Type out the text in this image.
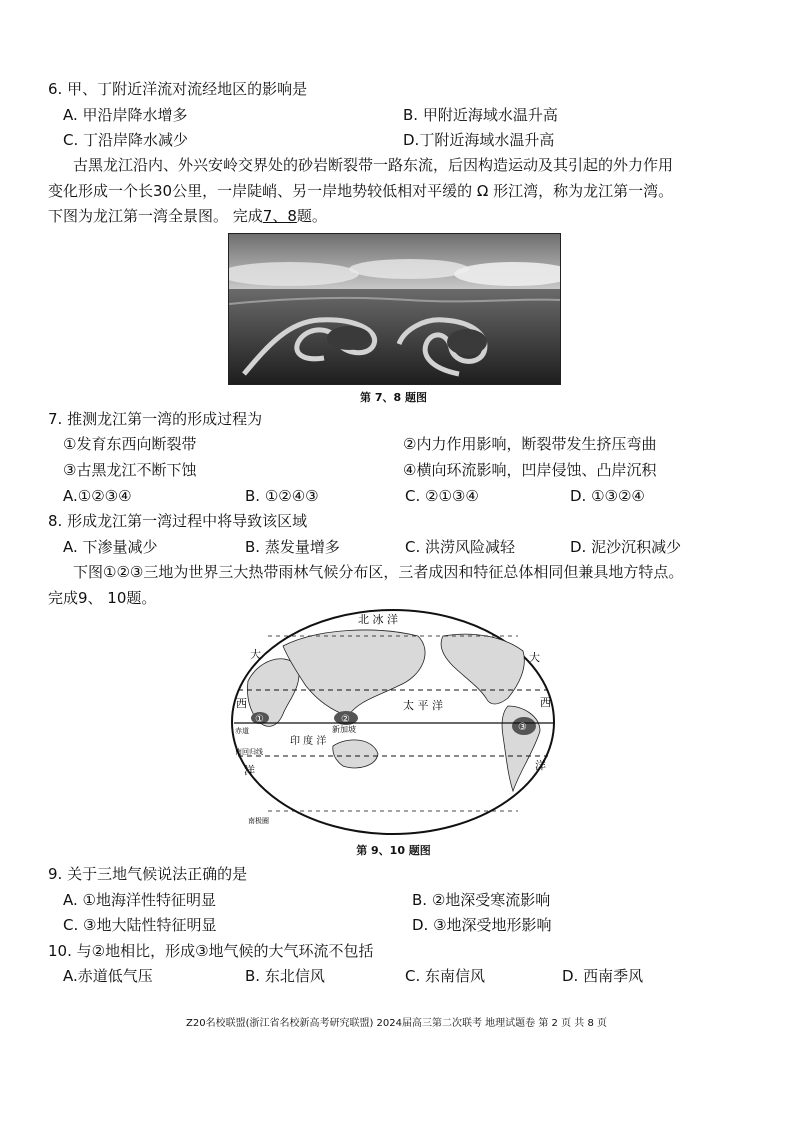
6. 甲、丁附近洋流对流经地区的影响是
A. 甲沿岸降水增多	B. 甲附近海域水温升高
C. 丁沿岸降水减少	D.丁附近海域水温升高
古黑龙江沿内、外兴安岭交界处的砂岩断裂带一路东流，后因构造运动及其引起的外力作用
变化形成一个长30公里，一岸陡峭、另一岸地势较低相对平缓的 Ω 形江湾，称为龙江第一湾。
下图为龙江第一湾全景图。 完成7、8题。
第 7、8 题图
7. 推测龙江第一湾的形成过程为
①发育东西向断裂带	②内力作用影响，断裂带发生挤压弯曲
③古黑龙江不断下蚀	④横向环流影响，凹岸侵蚀、凸岸沉积
A.①②③④	B. ①②④③	C. ②①③④	D. ①③②④
8. 形成龙江第一湾过程中将导致该区域
A. 下渗量减少	B. 蒸发量增多	C. 洪涝风险减轻	D. 泥沙沉积减少
下图①②③三地为世界三大热带雨林气候分布区，三者成因和特征总体相同但兼具地方特点。
完成9、 10题。
北 冰 洋
太 平 洋
印 度 洋
大
西
洋
大
西
洋
赤道
南回归线
南极圈
新加坡
①	②
③
第 9、10 题图
9. 关于三地气候说法正确的是
A. ①地海洋性特征明显	B. ②地深受寒流影响
C. ③地大陆性特征明显	D. ③地深受地形影响
10. 与②地相比，形成③地气候的大气环流不包括
A.赤道低气压	B. 东北信风	C. 东南信风	D. 西南季风
Z20名校联盟(浙江省名校新高考研究联盟) 2024届高三第二次联考 地理试题卷 第 2 页 共 8 页
